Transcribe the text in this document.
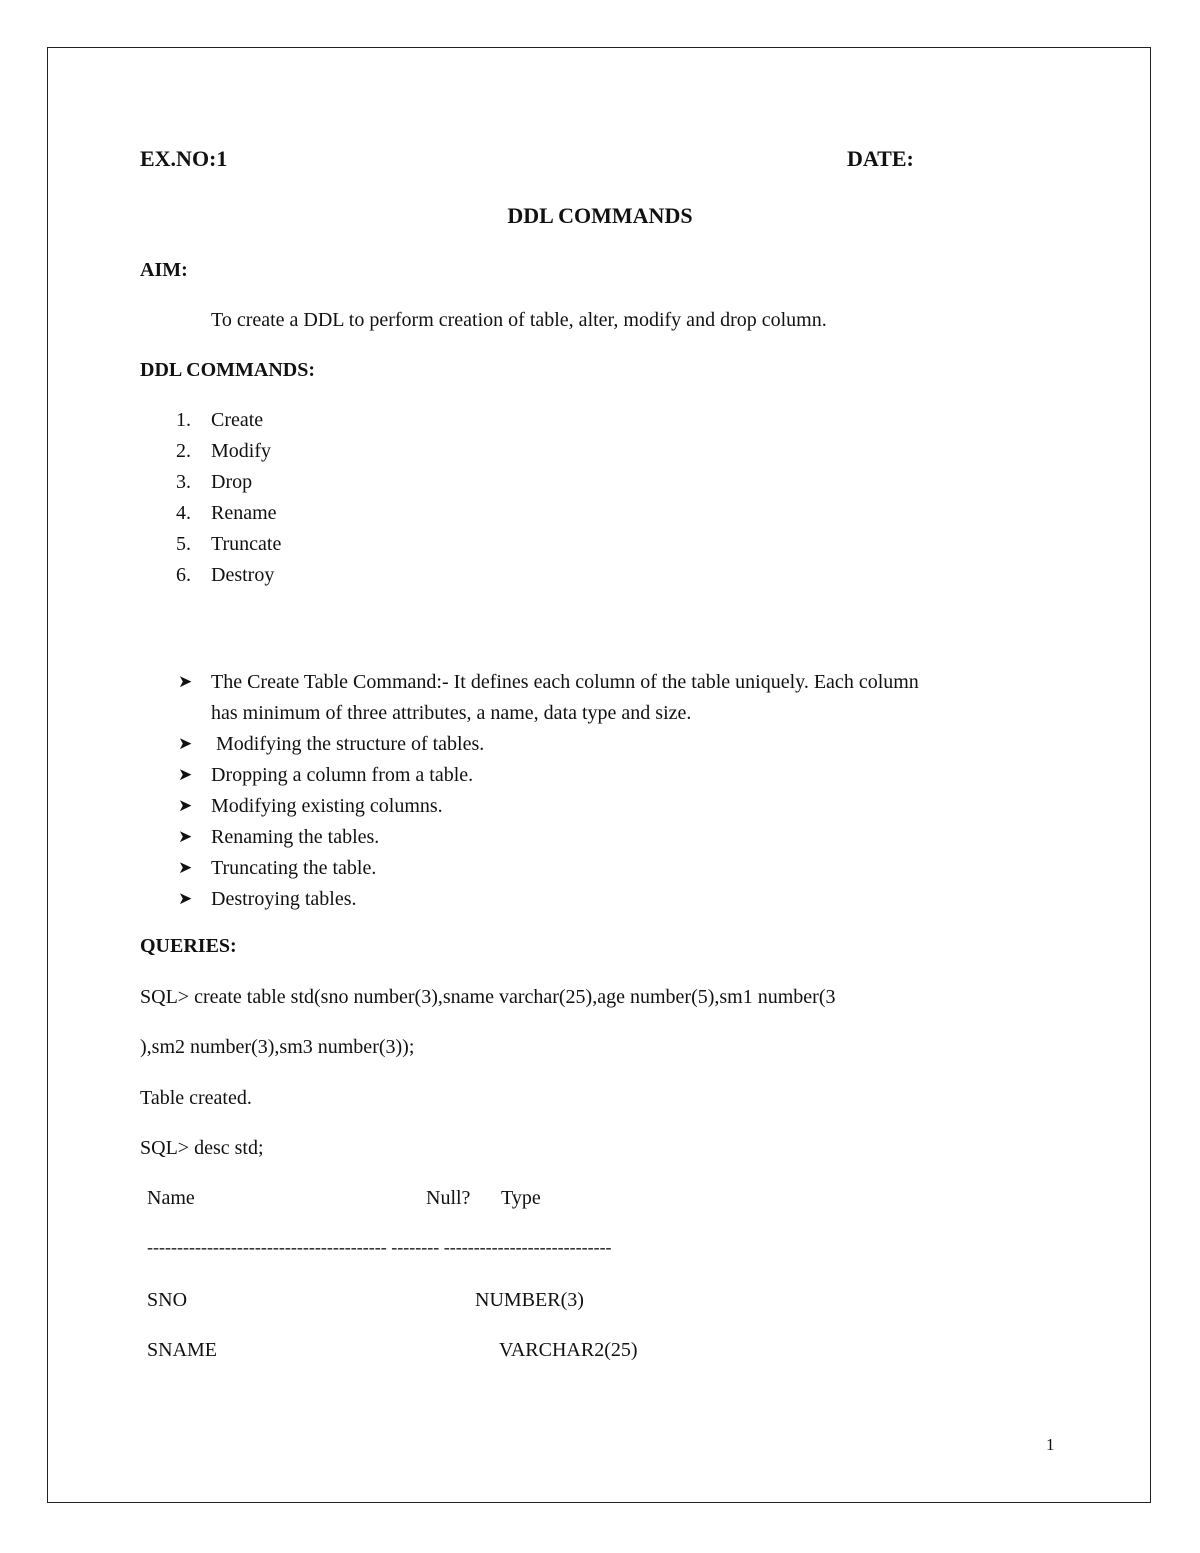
EX.NO:1	DATE:
DDL COMMANDS
AIM:
To create a DDL to perform creation of table, alter, modify and drop column.
DDL COMMANDS:
1. Create
2. Modify
3. Drop
4. Rename
5. Truncate
6. Destroy
➤ The Create Table Command:- It defines each column of the table uniquely. Each column
has minimum of three attributes, a name, data type and size.
➤ Modifying the structure of tables.
➤ Dropping a column from a table.
➤ Modifying existing columns.
➤ Renaming the tables.
➤ Truncating the table.
➤ Destroying tables.
QUERIES:
SQL> create table std(sno number(3),sname varchar(25),age number(5),sm1 number(3
),sm2 number(3),sm3 number(3));
Table created.
SQL> desc std;
Name	Null? Type
---------------------------------------- -------- ----------------------------
SNO	NUMBER(3)
SNAME	VARCHAR2(25)
1
